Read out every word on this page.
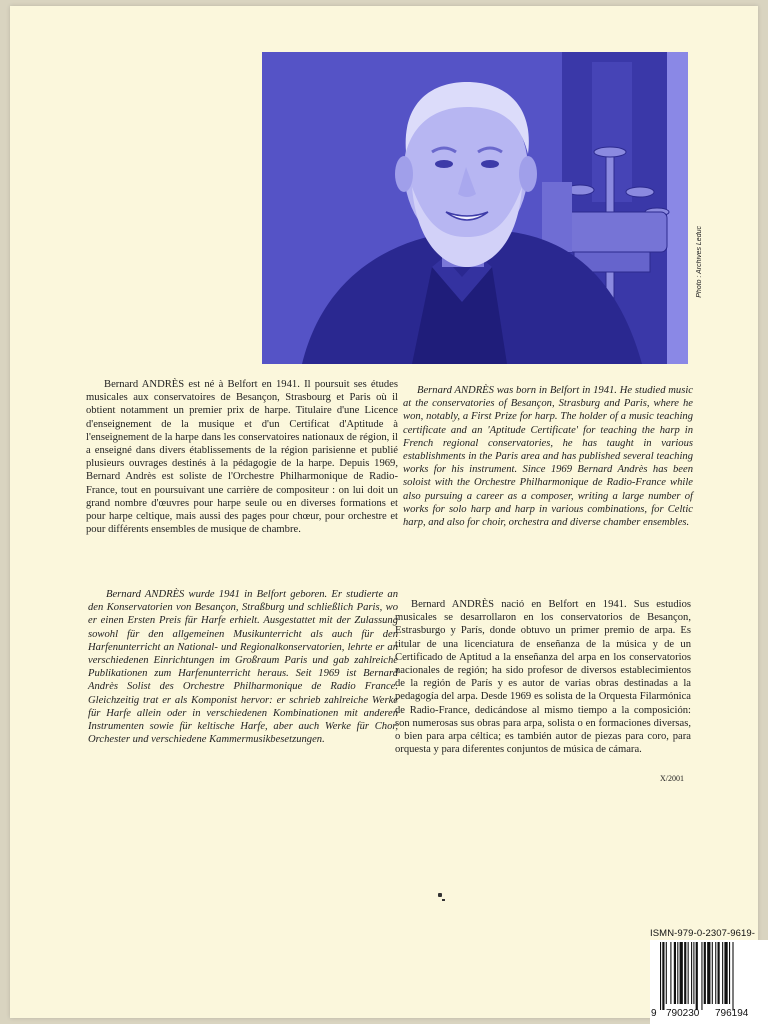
Photo : Archives Leduc

Bernard ANDRÈS est né à Belfort en 1941. Il poursuit ses études musicales aux conservatoires de Besançon, Strasbourg et Paris où il obtient notamment un premier prix de harpe. Titulaire d'une Licence d'enseignement de la musique et d'un Certificat d'Aptitude à l'enseignement de la harpe dans les conservatoires nationaux de région, il a enseigné dans divers établissements de la région parisienne et publié plusieurs ouvrages destinés à la pédagogie de la harpe. Depuis 1969, Bernard Andrès est soliste de l'Orchestre Philharmonique de Radio-France, tout en poursuivant une carrière de compositeur : on lui doit un grand nombre d'œuvres pour harpe seule ou en diverses formations et pour harpe celtique, mais aussi des pages pour chœur, pour orchestre et pour différents ensembles de musique de chambre.

Bernard ANDRÈS was born in Belfort in 1941. He studied music at the conservatories of Besançon, Strasburg and Paris, where he won, notably, a First Prize for harp. The holder of a music teaching certificate and an 'Aptitude Certificate' for teaching the harp in French regional conservatories, he has taught in various establishments in the Paris area and has published several teaching works for his instrument. Since 1969 Bernard Andrès has been soloist with the Orchestre Philharmonique de Radio-France while also pursuing a career as a composer, writing a large number of works for solo harp and harp in various combinations, for Celtic harp, and also for choir, orchestra and diverse chamber ensembles.

Bernard ANDRÈS wurde 1941 in Belfort geboren. Er studierte an den Konservatorien von Besançon, Straßburg und schließlich Paris, wo er einen Ersten Preis für Harfe erhielt. Ausgestattet mit der Zulassung sowohl für den allgemeinen Musikunterricht als auch für den Harfenunterricht an National- und Regionalkonservatorien, lehrte er an verschiedenen Einrichtungen im Großraum Paris und gab zahlreiche Publikationen zum Harfenunterricht heraus. Seit 1969 ist Bernard Andrès Solist des Orchestre Philharmonique de Radio France. Gleichzeitig trat er als Komponist hervor: er schrieb zahlreiche Werke für Harfe allein oder in verschiedenen Kombinationen mit anderen Instrumenten sowie für keltische Harfe, aber auch Werke für Chor, Orchester und verschiedene Kammermusikbesetzungen.

Bernard ANDRÈS nació en Belfort en 1941. Sus estudios musicales se desarrollaron en los conservatorios de Besançon, Estrasburgo y París, donde obtuvo un primer premio de arpa. Es titular de una licenciatura de enseñanza de la música y de un Certificado de Aptitud a la enseñanza del arpa en los conservatorios nacionales de región; ha sido profesor de diversos establecimientos de la región de París y es autor de varias obras destinadas a la pedagogía del arpa. Desde 1969 es solista de la Orquesta Filarmónica de Radio-France, dedicándose al mismo tiempo a la composición: son numerosas sus obras para arpa, solista o en formaciones diversas, o bien para arpa céltica; es también autor de piezas para coro, para orquesta y para diferentes conjuntos de música de cámara.

X/2001
ISMN-979-0-2307-9619-
9 790230 796194
